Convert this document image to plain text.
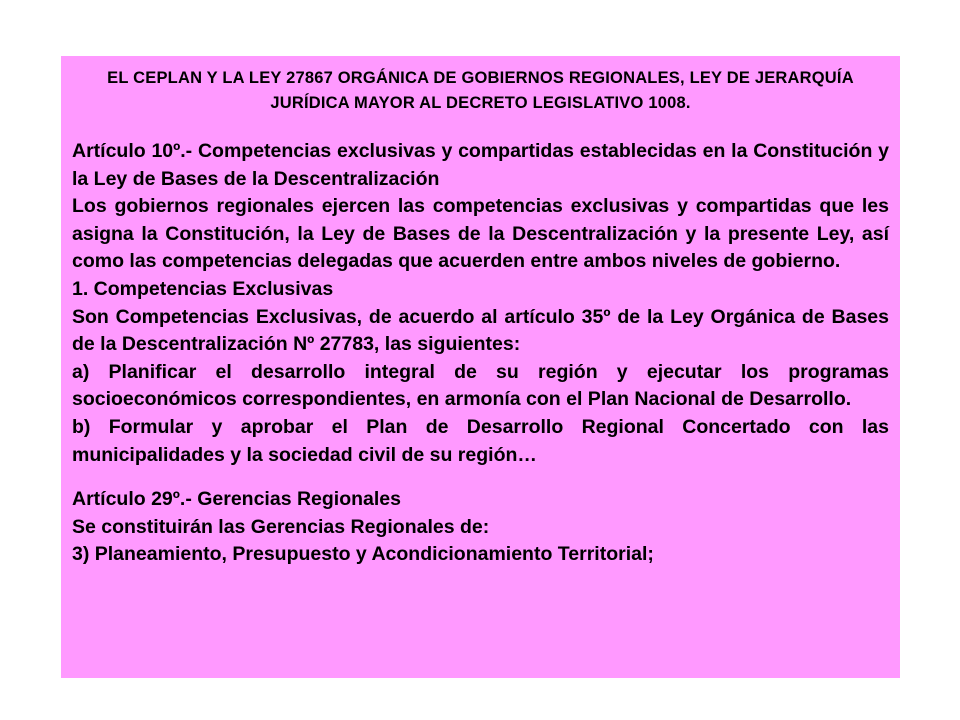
EL CEPLAN Y LA LEY 27867 ORGÁNICA DE GOBIERNOS REGIONALES, LEY DE JERARQUÍA JURÍDICA MAYOR AL DECRETO LEGISLATIVO 1008.

Artículo 10º.- Competencias exclusivas y compartidas establecidas en la Constitución y la Ley de Bases de la Descentralización

Los gobiernos regionales ejercen las competencias exclusivas y compartidas que les asigna la Constitución, la Ley de Bases de la Descentralización y la presente Ley, así como las competencias delegadas que acuerden entre ambos niveles de gobierno.

1. Competencias Exclusivas

Son Competencias Exclusivas, de acuerdo al artículo 35º de la Ley Orgánica de Bases de la Descentralización Nº 27783, las siguientes:

a) Planificar el desarrollo integral de su región y ejecutar los programas socioeconómicos correspondientes, en armonía con el Plan Nacional de Desarrollo.

b) Formular y aprobar el Plan de Desarrollo Regional Concertado con las municipalidades y la sociedad civil de su región…

Artículo 29º.- Gerencias Regionales

Se constituirán las Gerencias Regionales de:

3) Planeamiento, Presupuesto y Acondicionamiento Territorial;
